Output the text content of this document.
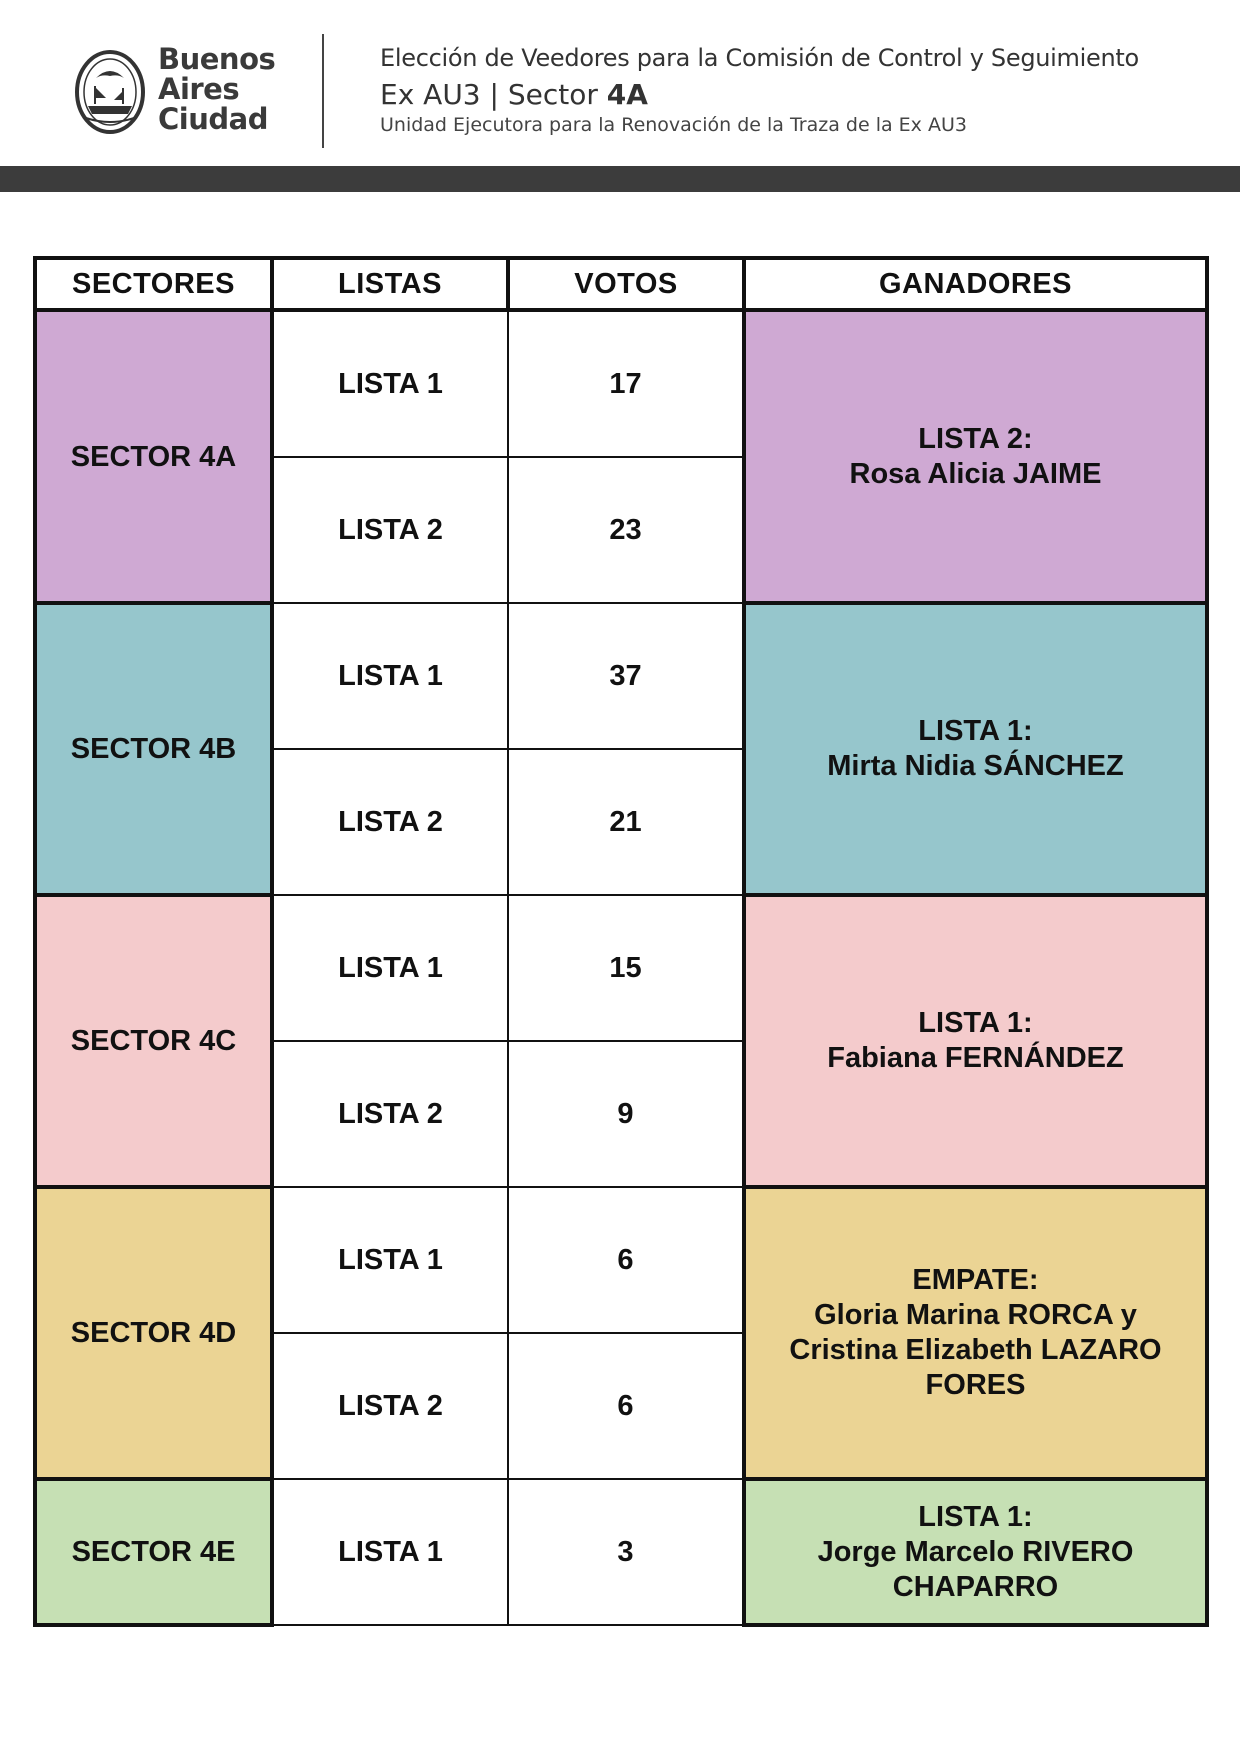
Buenos
Aires
Ciudad
Elección de Veedores para la Comisión de Control y Seguimiento
Ex AU3 | Sector 4A
Unidad Ejecutora para la Renovación de la Traza de la Ex AU3
SECTORES	LISTAS	VOTOS	GANADORES
SECTOR 4A	LISTA 1	17	LISTA 2:
Rosa Alicia JAIME

	LISTA 2	23	
SECTOR 4B	LISTA 1	37	LISTA 1:
Mirta Nidia SÁNCHEZ

	LISTA 2	21	
SECTOR 4C	LISTA 1	15	LISTA 1:
Fabiana FERNÁNDEZ

	LISTA 2	9	
SECTOR 4D	LISTA 1	6	EMPATE:
Gloria Marina RORCA y
Cristina Elizabeth LAZARO
FORES

	LISTA 2	6	
SECTOR 4E	LISTA 1	3	LISTA 1:
Jorge Marcelo RIVERO
CHAPARRO
